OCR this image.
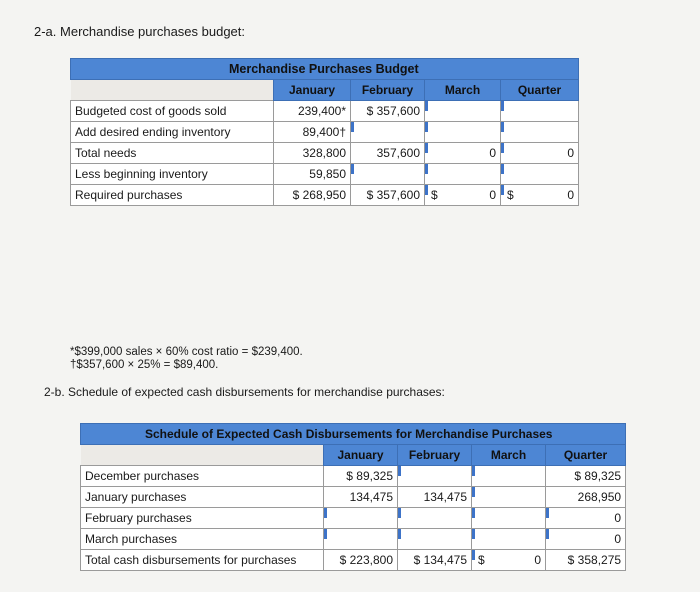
2-a. Merchandise purchases budget:
Merchandise Purchases Budget				
	January	February	March	Quarter
Budgeted cost of goods sold	239,400*	$ 357,600		
Add desired ending inventory	89,400†			
Total needs	328,800	357,600	0	0
Less beginning inventory	59,850			
Required purchases	$ 268,950	$ 357,600	$ 0	$ 0
*$399,000 sales × 60% cost ratio = $239,400.
†$357,600 × 25% = $89,400.
2-b. Schedule of expected cash disbursements for merchandise purchases:
Schedule of Expected Cash Disbursements for Merchandise Purchases				
	January	February	March	Quarter
December purchases	$ 89,325			$ 89,325
January purchases	134,475	134,475		268,950
February purchases				0
March purchases				0
Total cash disbursements for purchases	$ 223,800	$ 134,475	$ 0	$ 358,275
